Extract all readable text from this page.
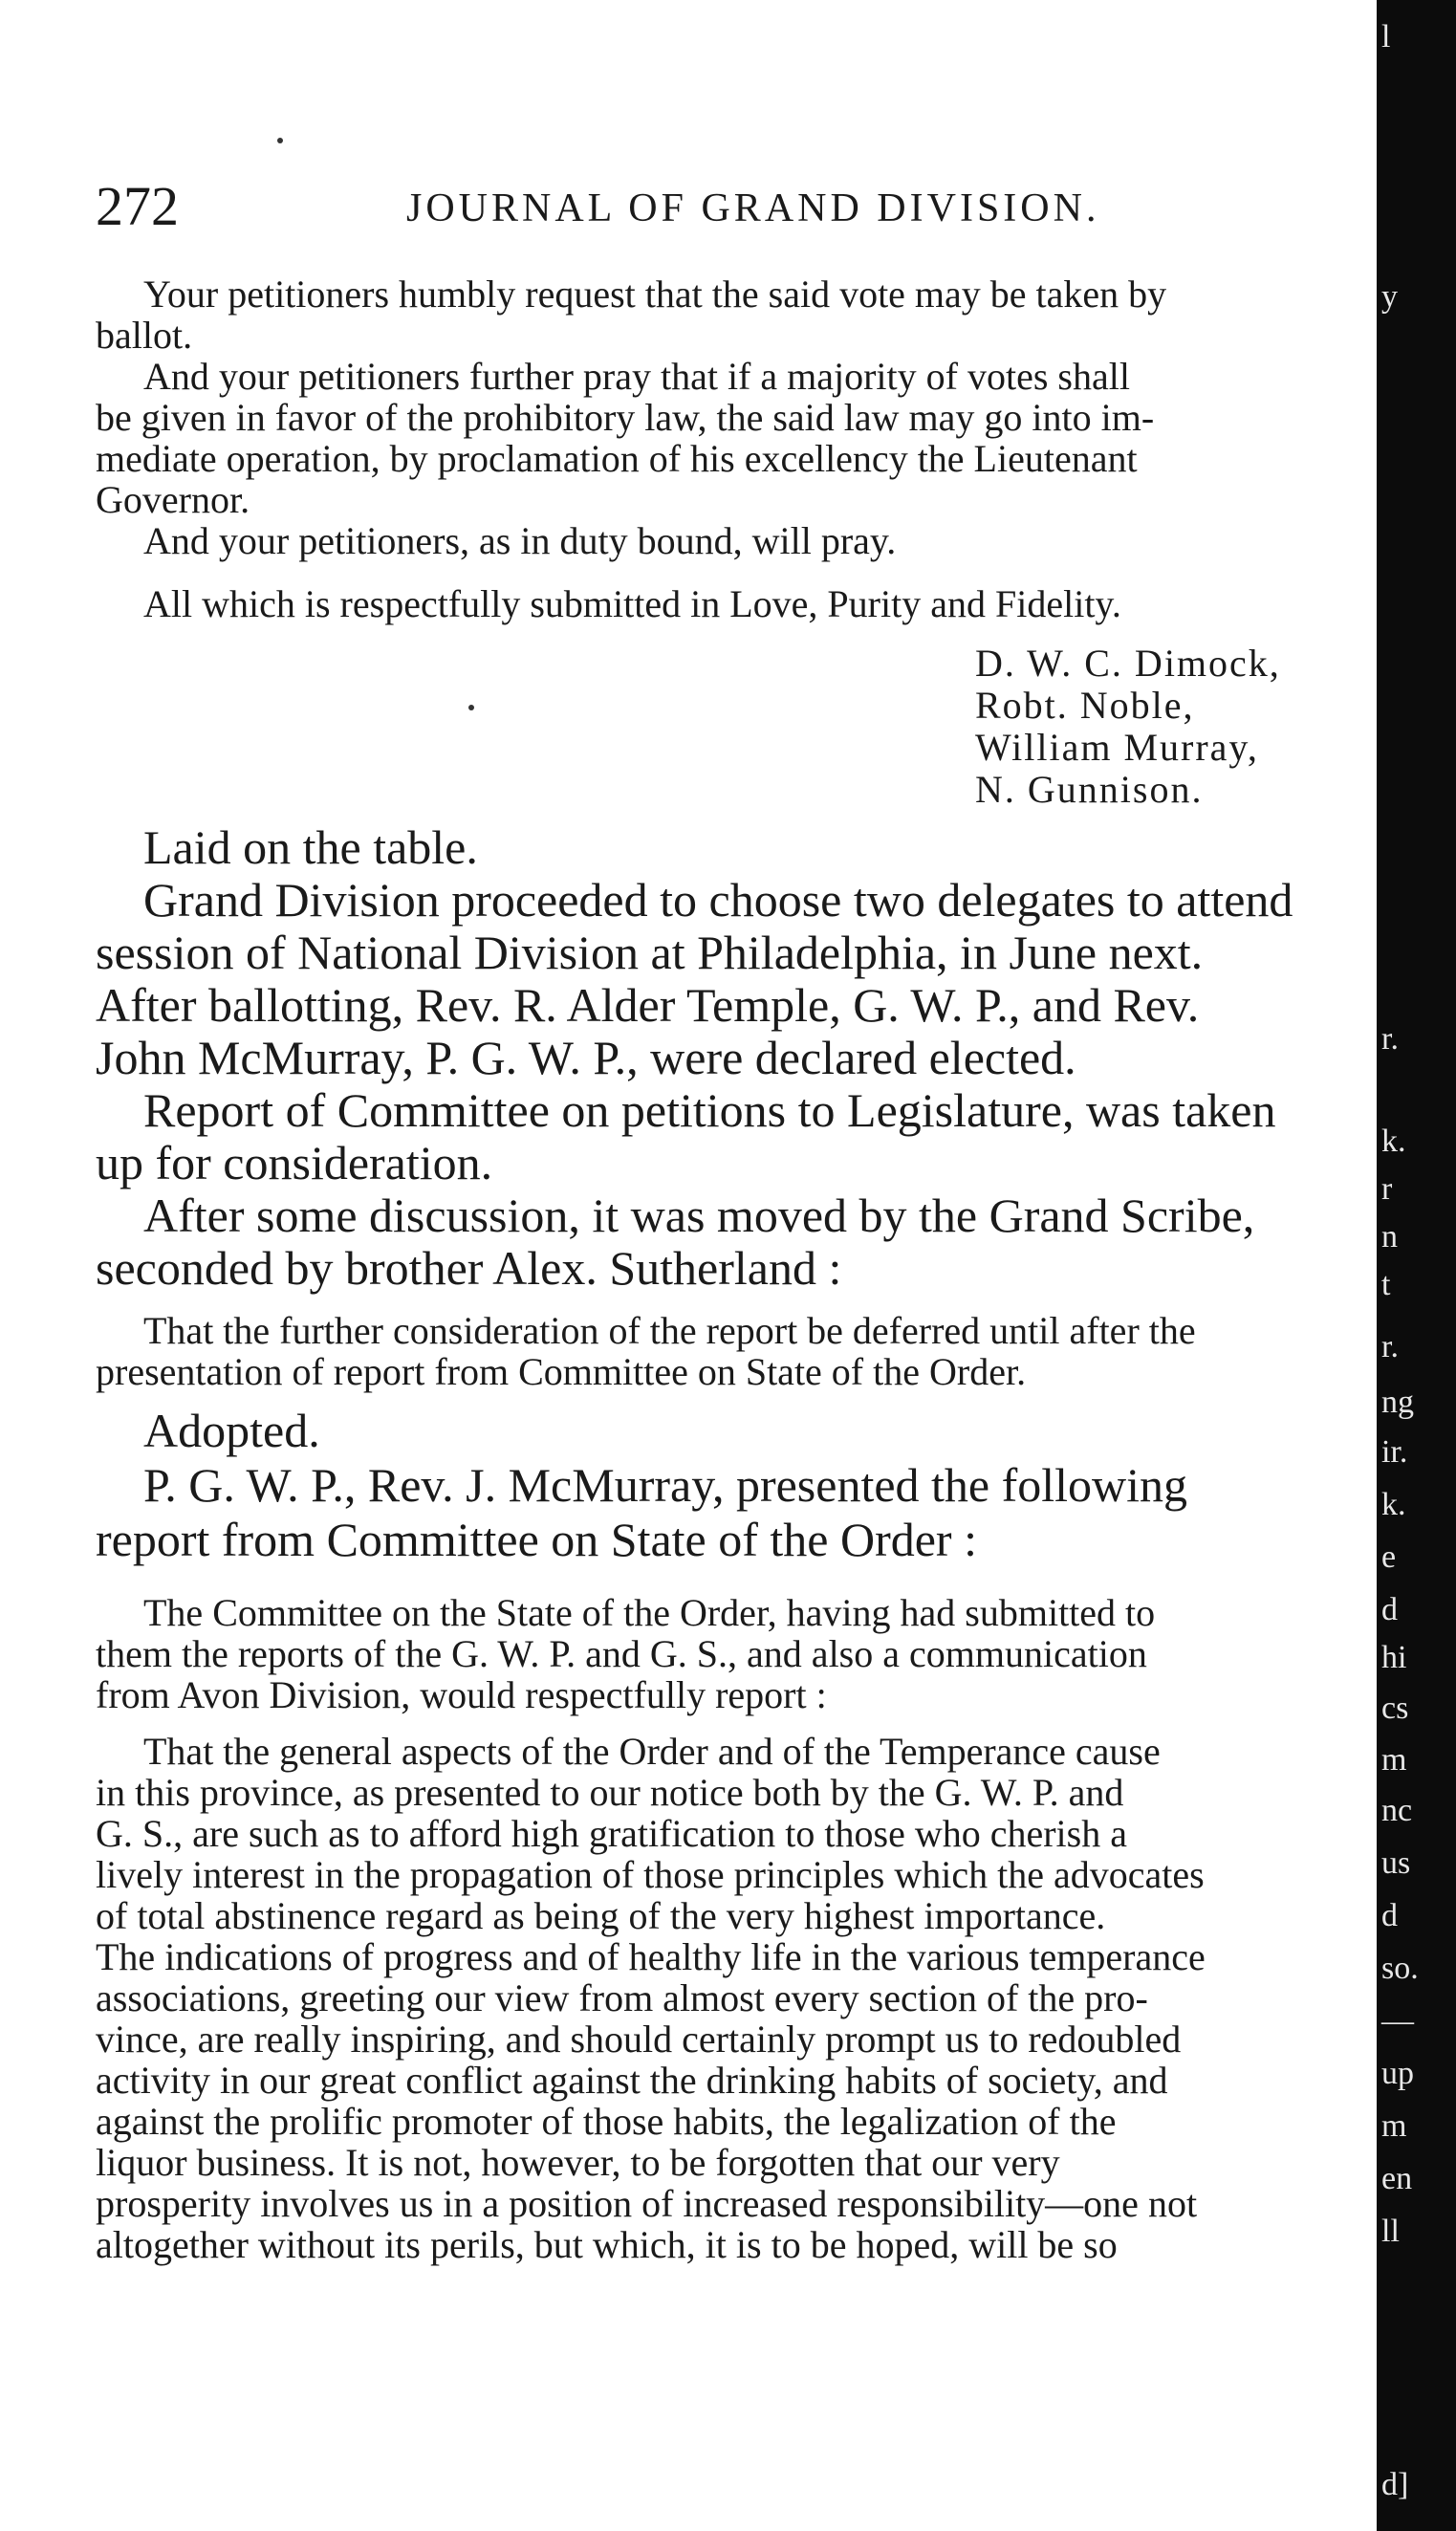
272	JOURNAL OF GRAND DIVISION.
Your petitioners humbly request that the said vote may be taken by
ballot.
And your petitioners further pray that if a majority of votes shall
be given in favor of the prohibitory law, the said law may go into im-
mediate operation, by proclamation of his excellency the Lieutenant
Governor.
And your petitioners, as in duty bound, will pray.
All which is respectfully submitted in Love, Purity and Fidelity.
D. W. C. Dimock,
Robt. Noble,
William Murray,
N. Gunnison.
Laid on the table.
Grand Division proceeded to choose two delegates to attend
session of National Division at Philadelphia, in June next.
After ballotting, Rev. R. Alder Temple, G. W. P., and Rev.
John McMurray, P. G. W. P., were declared elected.
Report of Committee on petitions to Legislature, was taken
up for consideration.
After some discussion, it was moved by the Grand Scribe,
seconded by brother Alex. Sutherland :
That the further consideration of the report be deferred until after the
presentation of report from Committee on State of the Order.
Adopted.
P. G. W. P., Rev. J. McMurray, presented the following
report from Committee on State of the Order :
The Committee on the State of the Order, having had submitted to
them the reports of the G. W. P. and G. S., and also a communication
from Avon Division, would respectfully report :
That the general aspects of the Order and of the Temperance cause
in this province, as presented to our notice both by the G. W. P. and
G. S., are such as to afford high gratification to those who cherish a
lively interest in the propagation of those principles which the advocates
of total abstinence regard as being of the very highest importance.
The indications of progress and of healthy life in the various temperance
associations, greeting our view from almost every section of the pro-
vince, are really inspiring, and should certainly prompt us to redoubled
activity in our great conflict against the drinking habits of society, and
against the prolific promoter of those habits, the legalization of the
liquor business. It is not, however, to be forgotten that our very
prosperity involves us in a position of increased responsibility—one not
altogether without its perils, but which, it is to be hoped, will be so
l
y
r.
k.
r
n
t
r.
ng
ir.
k.
e
d
hi
cs
m
nc
us
d
so.
—
up
m
en
ll
d]
